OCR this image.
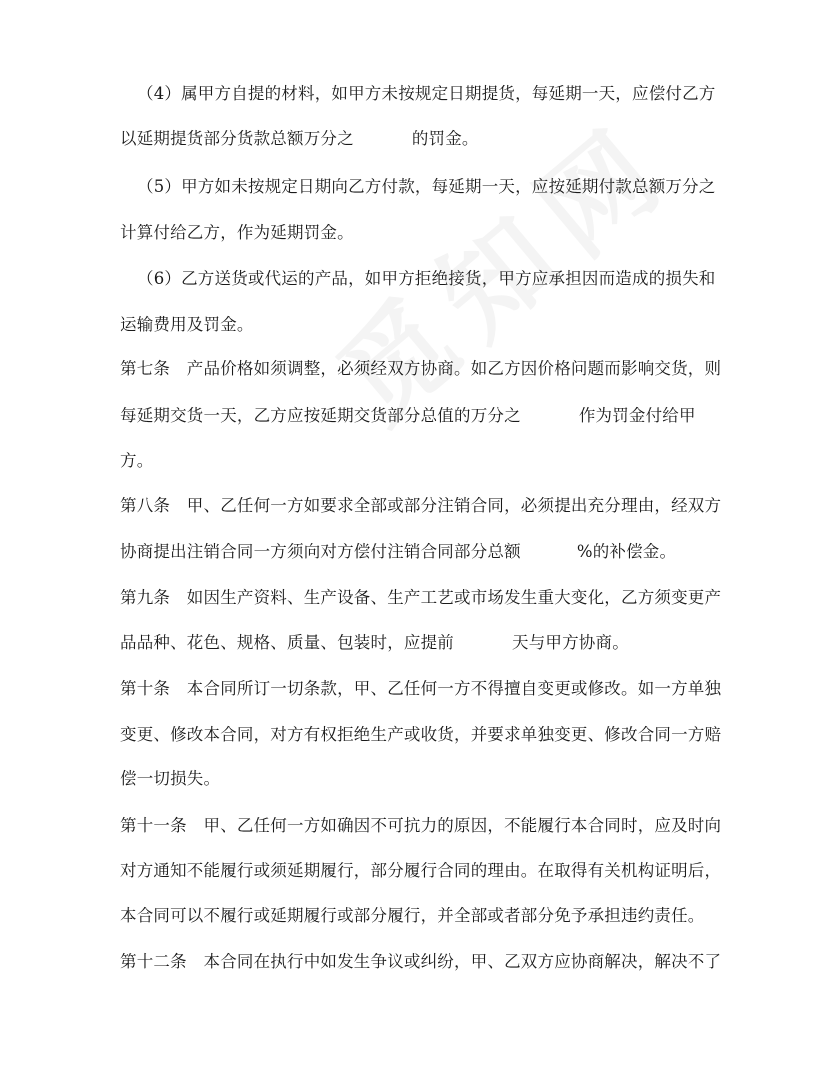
（4）属甲方自提的材料，如甲方未按规定日期提货，每延期一天，应偿付乙方
以延期提货部分货款总额万分之	的罚金。
（5）甲方如未按规定日期向乙方付款，每延期一天，应按延期付款总额万分之
计算付给乙方，作为延期罚金。
（6）乙方送货或代运的产品，如甲方拒绝接货，甲方应承担因而造成的损失和
运输费用及罚金。
第七条　产品价格如须调整，必须经双方协商。如乙方因价格问题而影响交货，则
每延期交货一天，乙方应按延期交货部分总值的万分之	作为罚金付给甲
方。
第八条　甲、乙任何一方如要求全部或部分注销合同，必须提出充分理由，经双方
协商提出注销合同一方须向对方偿付注销合同部分总额	%的补偿金。
第九条　如因生产资料、生产设备、生产工艺或市场发生重大变化，乙方须变更产
品品种、花色、规格、质量、包装时，应提前	天与甲方协商。
第十条　本合同所订一切条款，甲、乙任何一方不得擅自变更或修改。如一方单独
变更、修改本合同，对方有权拒绝生产或收货，并要求单独变更、修改合同一方赔
偿一切损失。
第十一条　甲、乙任何一方如确因不可抗力的原因，不能履行本合同时，应及时向
对方通知不能履行或须延期履行，部分履行合同的理由。在取得有关机构证明后，
本合同可以不履行或延期履行或部分履行，并全部或者部分免予承担违约责任。
第十二条　本合同在执行中如发生争议或纠纷，甲、乙双方应协商解决，解决不了
